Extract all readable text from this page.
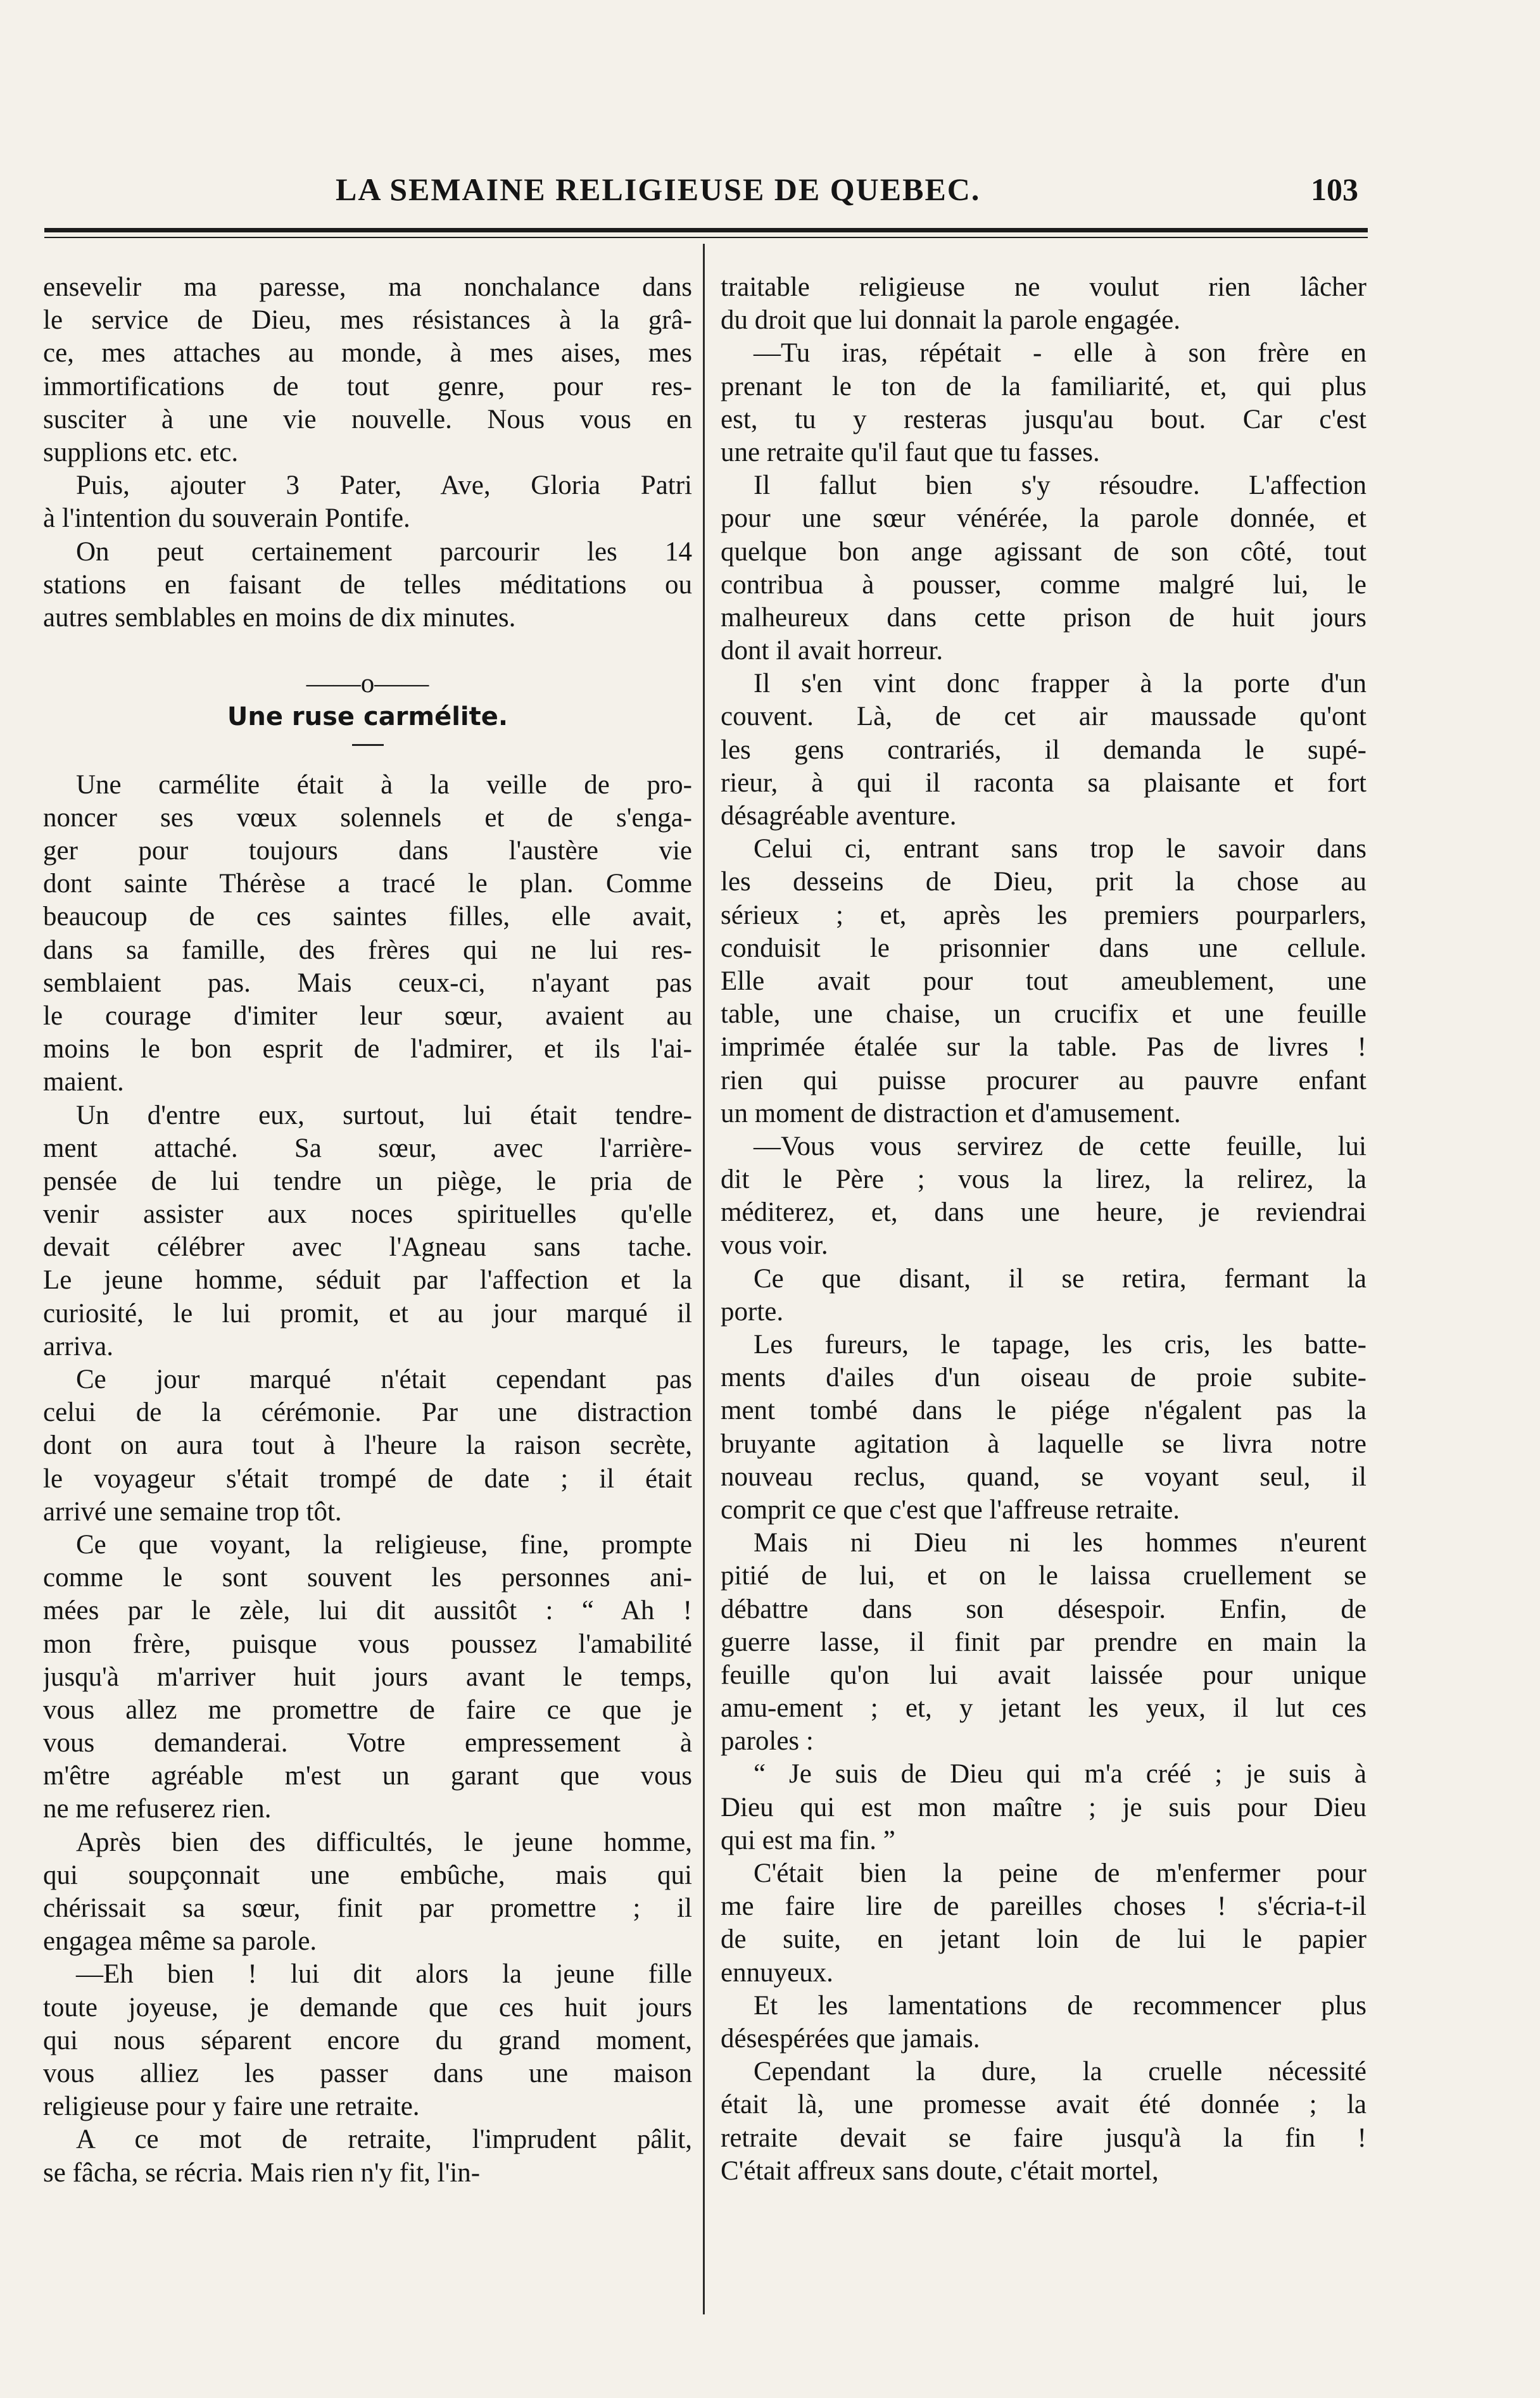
LA SEMAINE RELIGIEUSE DE QUEBEC.	103
ensevelir ma paresse, ma nonchalance dans
le service de Dieu, mes résistances à la grâ-
ce, mes attaches au monde, à mes aises, mes
immortifications de tout genre, pour res-
susciter à une vie nouvelle. Nous vous en
supplions etc. etc.
Puis, ajouter 3 Pater, Ave, Gloria Patri
à l'intention du souverain Pontife.
On peut certainement parcourir les 14
stations en faisant de telles méditations ou
autres semblables en moins de dix minutes.
——o——
Une ruse carmélite.
Une carmélite était à la veille de pro-
noncer ses vœux solennels et de s'enga-
ger pour toujours dans l'austère vie
dont sainte Thérèse a tracé le plan. Comme
beaucoup de ces saintes filles, elle avait,
dans sa famille, des frères qui ne lui res-
semblaient pas. Mais ceux-ci, n'ayant pas
le courage d'imiter leur sœur, avaient au
moins le bon esprit de l'admirer, et ils l'ai-
maient.
Un d'entre eux, surtout, lui était tendre-
ment attaché. Sa sœur, avec l'arrière-
pensée de lui tendre un piège, le pria de
venir assister aux noces spirituelles qu'elle
devait célébrer avec l'Agneau sans tache.
Le jeune homme, séduit par l'affection et la
curiosité, le lui promit, et au jour marqué il
arriva.
Ce jour marqué n'était cependant pas
celui de la cérémonie. Par une distraction
dont on aura tout à l'heure la raison secrète,
le voyageur s'était trompé de date ; il était
arrivé une semaine trop tôt.
Ce que voyant, la religieuse, fine, prompte
comme le sont souvent les personnes ani-
mées par le zèle, lui dit aussitôt : “ Ah !
mon frère, puisque vous poussez l'amabilité
jusqu'à m'arriver huit jours avant le temps,
vous allez me promettre de faire ce que je
vous demanderai. Votre empressement à
m'être agréable m'est un garant que vous
ne me refuserez rien.
Après bien des difficultés, le jeune homme,
qui soupçonnait une embûche, mais qui
chérissait sa sœur, finit par promettre ; il
engagea même sa parole.
—Eh bien ! lui dit alors la jeune fille
toute joyeuse, je demande que ces huit jours
qui nous séparent encore du grand moment,
vous alliez les passer dans une maison
religieuse pour y faire une retraite.
A ce mot de retraite, l'imprudent pâlit,
se fâcha, se récria. Mais rien n'y fit, l'in-
traitable religieuse ne voulut rien lâcher
du droit que lui donnait la parole engagée.
—Tu iras, répétait - elle à son frère en
prenant le ton de la familiarité, et, qui plus
est, tu y resteras jusqu'au bout. Car c'est
une retraite qu'il faut que tu fasses.
Il fallut bien s'y résoudre. L'affection
pour une sœur vénérée, la parole donnée, et
quelque bon ange agissant de son côté, tout
contribua à pousser, comme malgré lui, le
malheureux dans cette prison de huit jours
dont il avait horreur.
Il s'en vint donc frapper à la porte d'un
couvent. Là, de cet air maussade qu'ont
les gens contrariés, il demanda le supé-
rieur, à qui il raconta sa plaisante et fort
désagréable aventure.
Celui ci, entrant sans trop le savoir dans
les desseins de Dieu, prit la chose au
sérieux ; et, après les premiers pourparlers,
conduisit le prisonnier dans une cellule.
Elle avait pour tout ameublement, une
table, une chaise, un crucifix et une feuille
imprimée étalée sur la table. Pas de livres !
rien qui puisse procurer au pauvre enfant
un moment de distraction et d'amusement.
—Vous vous servirez de cette feuille, lui
dit le Père ; vous la lirez, la relirez, la
méditerez, et, dans une heure, je reviendrai
vous voir.
Ce que disant, il se retira, fermant la
porte.
Les fureurs, le tapage, les cris, les batte-
ments d'ailes d'un oiseau de proie subite-
ment tombé dans le piége n'égalent pas la
bruyante agitation à laquelle se livra notre
nouveau reclus, quand, se voyant seul, il
comprit ce que c'est que l'affreuse retraite.
Mais ni Dieu ni les hommes n'eurent
pitié de lui, et on le laissa cruellement se
débattre dans son désespoir. Enfin, de
guerre lasse, il finit par prendre en main la
feuille qu'on lui avait laissée pour unique
amu-ement ; et, y jetant les yeux, il lut ces
paroles :
“ Je suis de Dieu qui m'a créé ; je suis à
Dieu qui est mon maître ; je suis pour Dieu
qui est ma fin. ”
C'était bien la peine de m'enfermer pour
me faire lire de pareilles choses ! s'écria-t-il
de suite, en jetant loin de lui le papier
ennuyeux.
Et les lamentations de recommencer plus
désespérées que jamais.
Cependant la dure, la cruelle nécessité
était là, une promesse avait été donnée ; la
retraite devait se faire jusqu'à la fin !
C'était affreux sans doute, c'était mortel,
